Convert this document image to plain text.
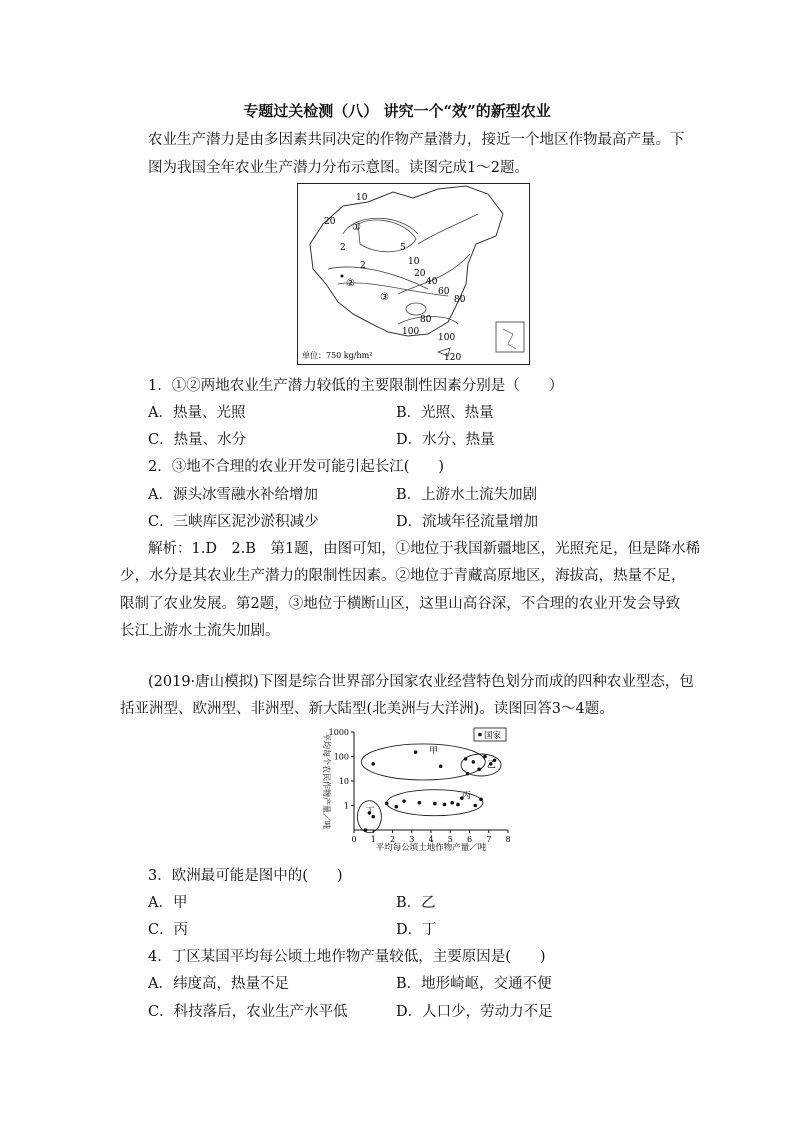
专题过关检测（八） 讲究一个“效”的新型农业
农业生产潜力是由多因素共同决定的作物产量潜力，接近一个地区作物最高产量。下
图为我国全年农业生产潜力分布示意图。读图完成1～2题。
10
20
2
2
5
10
20
40
60
80
80
100
100
120
①
②
③
单位：750 kg/hm²
1．①②两地农业生产潜力较低的主要限制性因素分别是（　　）
A．热量、光照	B．光照、热量
C．热量、水分	D．水分、热量
2．③地不合理的农业开发可能引起长江(　　)
A．源头冰雪融水补给增加	B．上游水土流失加剧
C．三峡库区泥沙淤积减少	D．流域年径流量增加
解析：1.D　2.B　第1题，由图可知，①地位于我国新疆地区，光照充足，但是降水稀
少，水分是其农业生产潜力的限制性因素。②地位于青藏高原地区，海拔高，热量不足，
限制了农业发展。第2题，③地位于横断山区，这里山高谷深，不合理的农业开发会导致
长江上游水土流失加剧。
(2019·唐山模拟)下图是综合世界部分国家农业经营特色划分而成的四种农业型态，包
括亚洲型、欧洲型、非洲型、新大陆型(北美洲与大洋洲)。读图回答3～4题。
0 1 2 3 4 5 6 7 8
1000
100
10
1
平均每公顷土地作物产量／吨
平均每个农民作物产量／吨	甲
乙
丙
丁
国家
3．欧洲最可能是图中的(　　)
A．甲	B．乙
C．丙	D．丁
4．丁区某国平均每公顷土地作物产量较低，主要原因是(　　)
A．纬度高，热量不足	B．地形崎岖，交通不便
C．科技落后，农业生产水平低	D．人口少，劳动力不足
